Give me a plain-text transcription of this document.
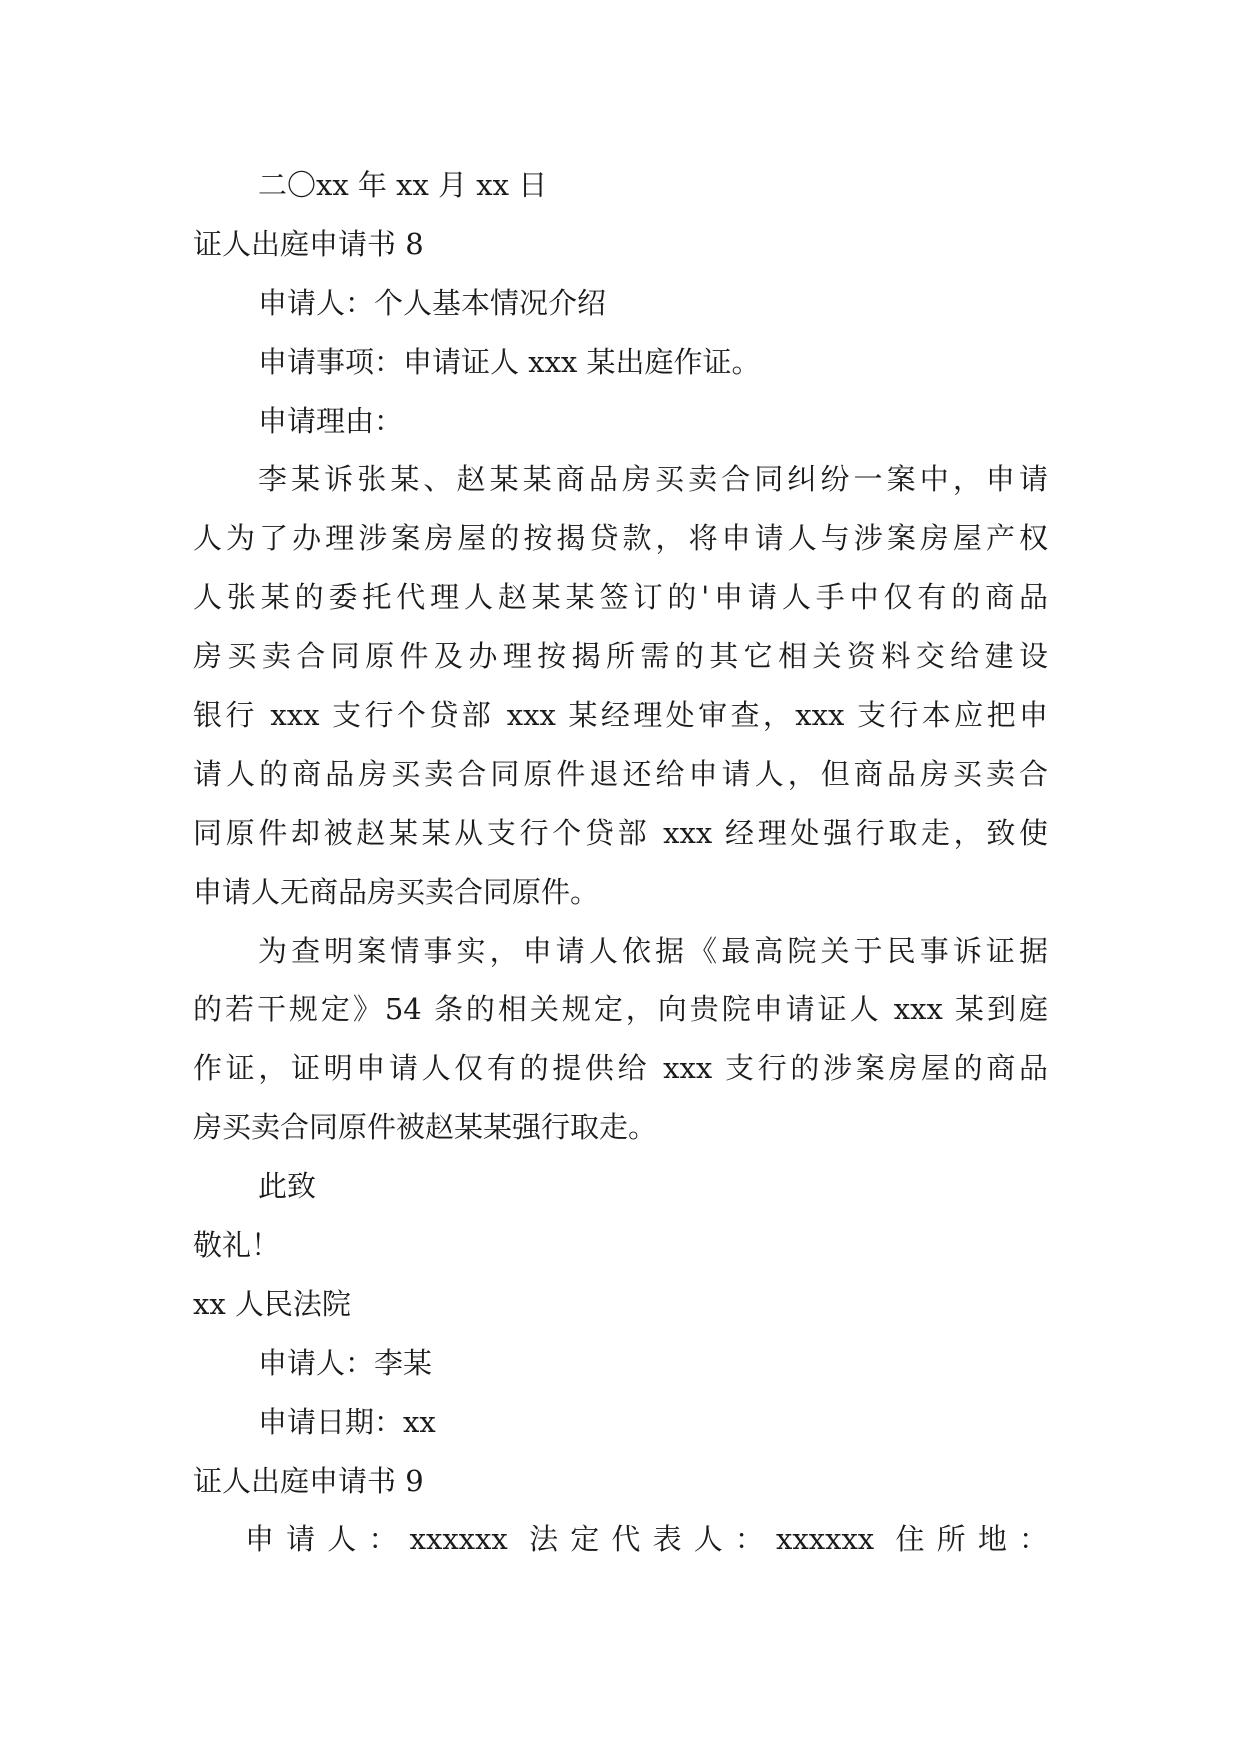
二〇xx 年 xx 月 xx 日
证人出庭申请书 8
申请人：个人基本情况介绍
申请事项：申请证人 xxx 某出庭作证。
申请理由：
李某诉张某、赵某某商品房买卖合同纠纷一案中，申请
人为了办理涉案房屋的按揭贷款，将申请人与涉案房屋产权
人张某的委托代理人赵某某签订的'申请人手中仅有的商品
房买卖合同原件及办理按揭所需的其它相关资料交给建设
银行 xxx 支行个贷部 xxx 某经理处审查，xxx 支行本应把申
请人的商品房买卖合同原件退还给申请人，但商品房买卖合
同原件却被赵某某从支行个贷部 xxx 经理处强行取走，致使
申请人无商品房买卖合同原件。
为查明案情事实，申请人依据《最高院关于民事诉证据
的若干规定》54 条的相关规定，向贵院申请证人 xxx 某到庭
作证，证明申请人仅有的提供给 xxx 支行的涉案房屋的商品
房买卖合同原件被赵某某强行取走。
此致
敬礼！
xx 人民法院
申请人：李某
申请日期：xx
证人出庭申请书 9
申请人：xxxxxx 法定代表人：xxxxxx 住所地：
